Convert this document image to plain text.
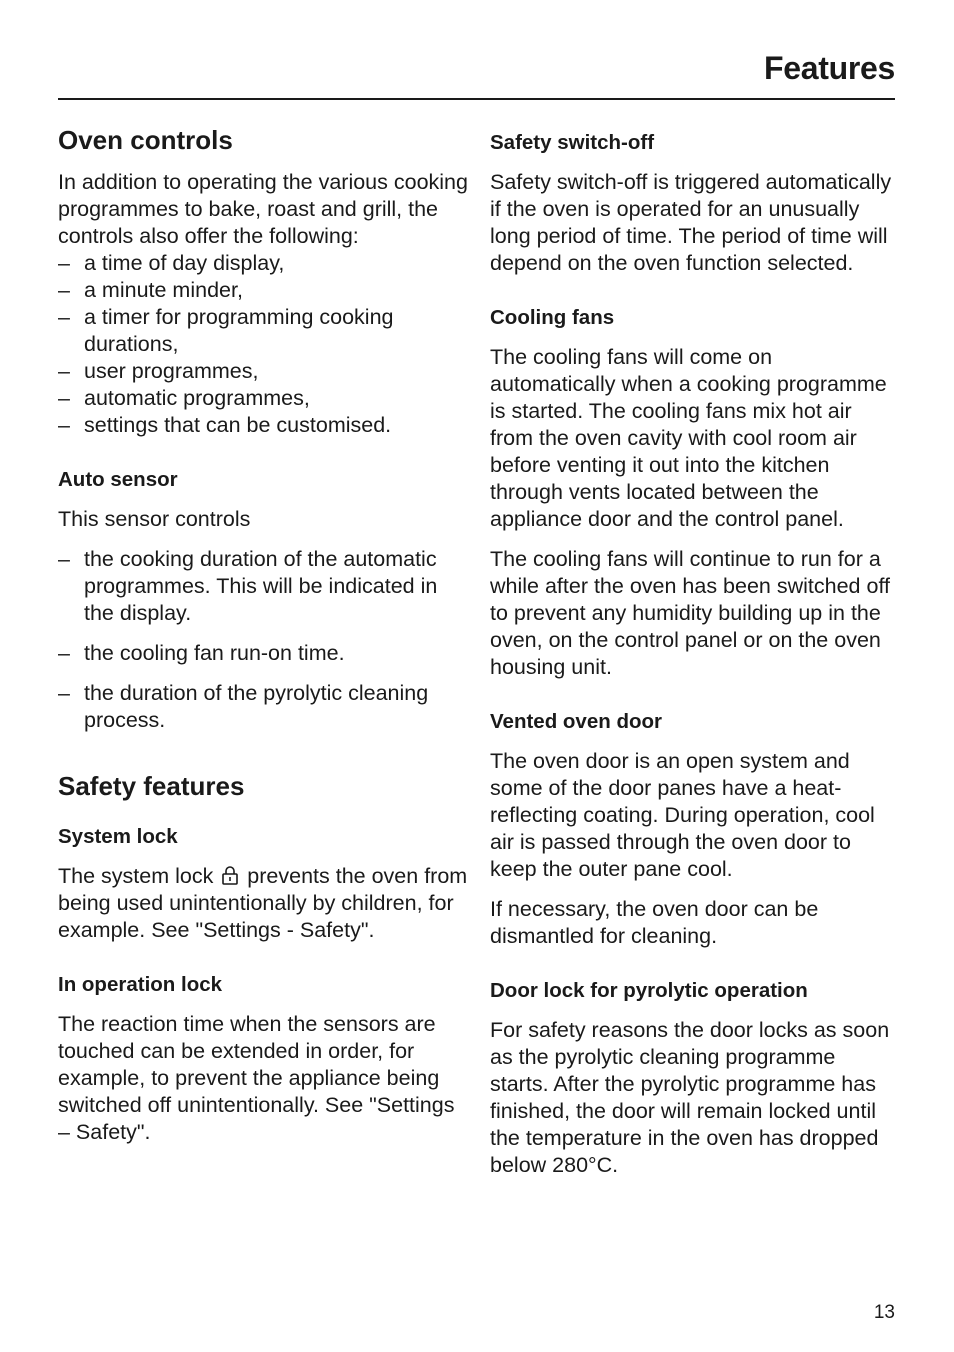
Features
Oven controls

In addition to operating the various cooking programmes to bake, roast and grill, the controls also offer the following:

– a time of day display,
– a minute minder,
– a timer for programming cooking durations,
– user programmes,
– automatic programmes,
– settings that can be customised.
Auto sensor

This sensor controls

– the cooking duration of the automatic programmes. This will be indicated in the display.
– the cooling fan run-on time.
– the duration of the pyrolytic cleaning process.
Safety features
System lock

The system lock prevents the oven from being used unintentionally by children, for example. See "Settings - Safety".

In operation lock

The reaction time when the sensors are touched can be extended in order, for example, to prevent the appliance being switched off unintentionally. See "Settings – Safety".

Safety switch-off

Safety switch-off is triggered automatically if the oven is operated for an unusually long period of time. The period of time will depend on the oven function selected.

Cooling fans

The cooling fans will come on automatically when a cooking programme is started. The cooling fans mix hot air from the oven cavity with cool room air before venting it out into the kitchen through vents located between the appliance door and the control panel.

The cooling fans will continue to run for a while after the oven has been switched off to prevent any humidity building up in the oven, on the control panel or on the oven housing unit.

Vented oven door

The oven door is an open system and some of the door panes have a heat-reflecting coating. During operation, cool air is passed through the oven door to keep the outer pane cool.

If necessary, the oven door can be dismantled for cleaning.

Door lock for pyrolytic operation

For safety reasons the door locks as soon as the pyrolytic cleaning programme starts. After the pyrolytic programme has finished, the door will remain locked until the temperature in the oven has dropped below 280°C.

13
